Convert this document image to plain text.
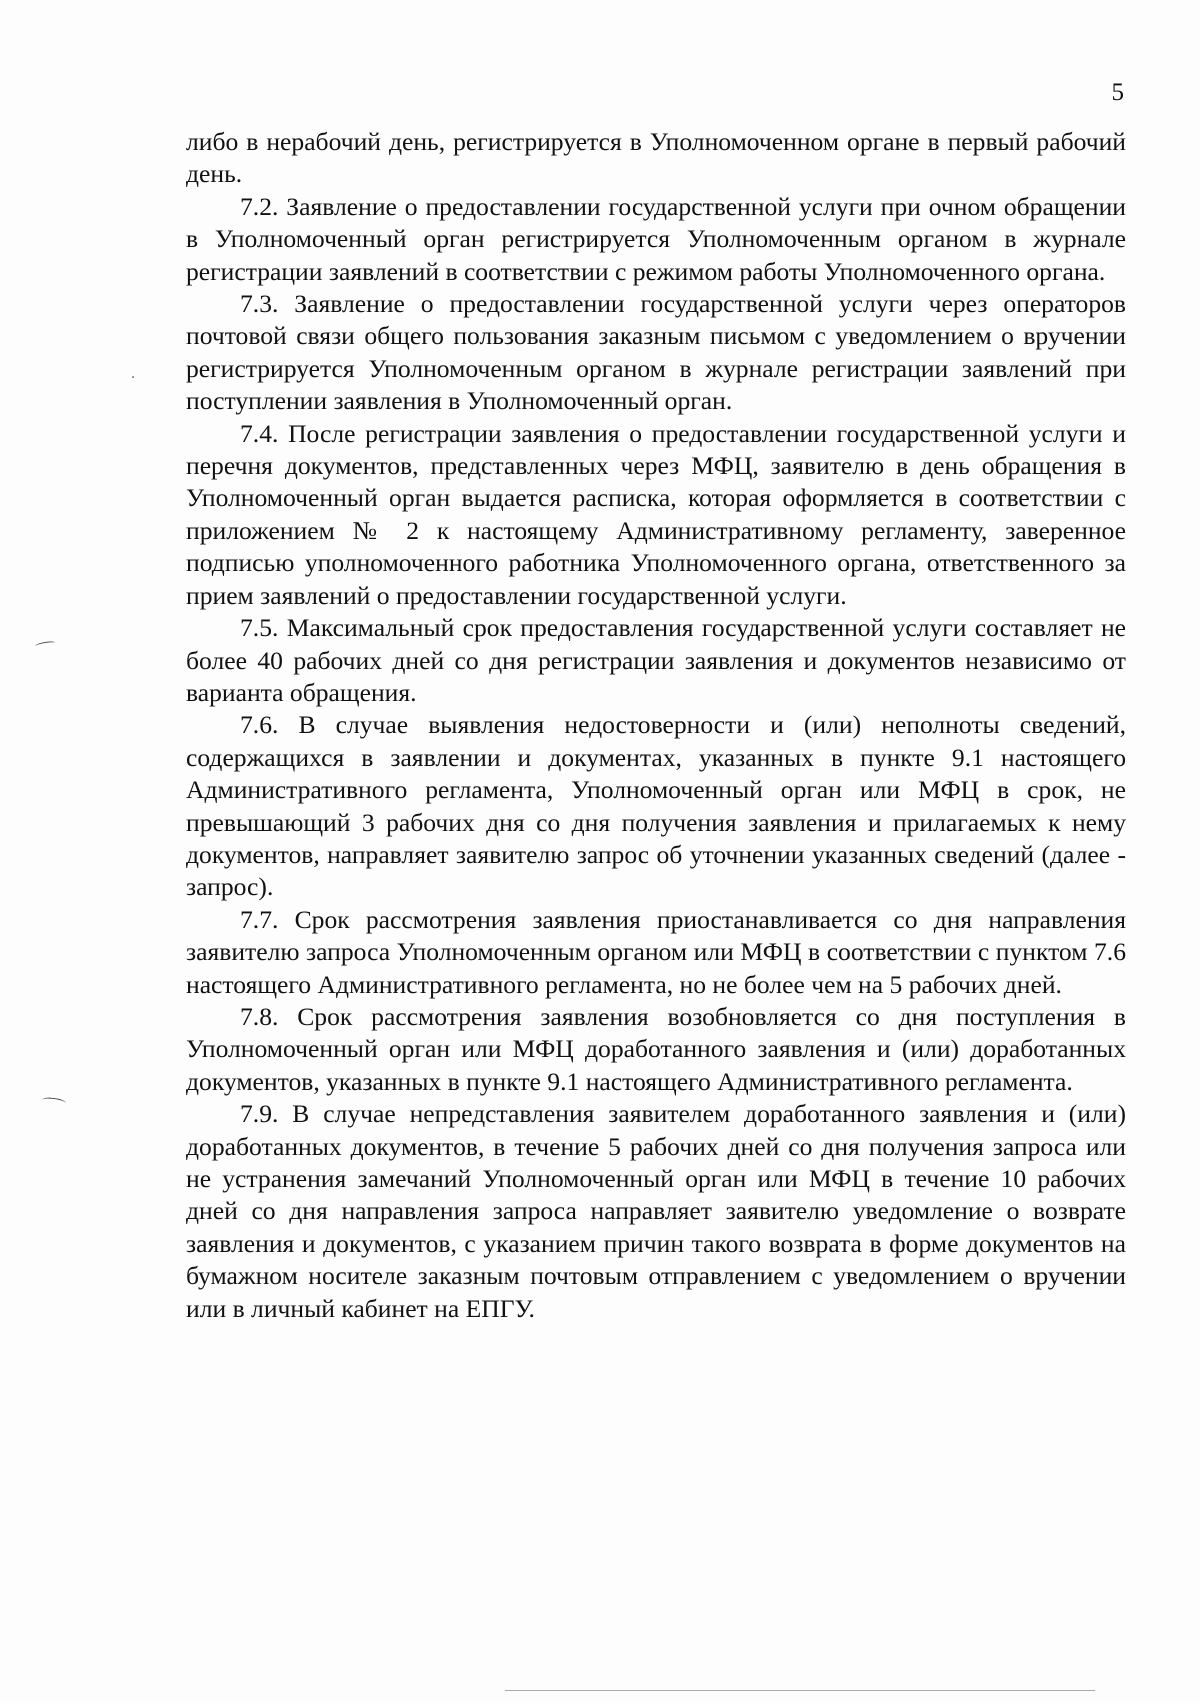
5

либо в нерабочий день, регистрируется в Уполномоченном органе в первый рабочий день.

7.2. Заявление о предоставлении государственной услуги при очном обращении в Уполномоченный орган регистрируется Уполномоченным органом в журнале регистрации заявлений в соответствии с режимом работы Уполномоченного органа.

7.3. Заявление о предоставлении государственной услуги через операторов почтовой связи общего пользования заказным письмом с уведомлением о вручении регистрируется Уполномоченным органом в журнале регистрации заявлений при поступлении заявления в Уполномоченный орган.

7.4. После регистрации заявления о предоставлении государственной услуги и перечня документов, представленных через МФЦ, заявителю в день обращения в Уполномоченный орган выдается расписка, которая оформляется в соответствии с приложением № 2 к настоящему Административному регламенту, заверенное подписью уполномоченного работника Уполномоченного органа, ответственного за прием заявлений о предоставлении государственной услуги.

7.5. Максимальный срок предоставления государственной услуги составляет не более 40 рабочих дней со дня регистрации заявления и документов независимо от варианта обращения.

7.6. В случае выявления недостоверности и (или) неполноты сведений, содержащихся в заявлении и документах, указанных в пункте 9.1 настоящего Административного регламента, Уполномоченный орган или МФЦ в срок, не превышающий 3 рабочих дня со дня получения заявления и прилагаемых к нему документов, направляет заявителю запрос об уточнении указанных сведений (далее - запрос).

7.7. Срок рассмотрения заявления приостанавливается со дня направления заявителю запроса Уполномоченным органом или МФЦ в соответствии с пунктом 7.6 настоящего Административного регламента, но не более чем на 5 рабочих дней.

7.8. Срок рассмотрения заявления возобновляется со дня поступления в Уполномоченный орган или МФЦ доработанного заявления и (или) доработанных документов, указанных в пункте 9.1 настоящего Административного регламента.

7.9. В случае непредставления заявителем доработанного заявления и (или) доработанных документов, в течение 5 рабочих дней со дня получения запроса или не устранения замечаний Уполномоченный орган или МФЦ в течение 10 рабочих дней со дня направления запроса направляет заявителю уведомление о возврате заявления и документов, с указанием причин такого возврата в форме документов на бумажном носителе заказным почтовым отправлением с уведомлением о вручении или в личный кабинет на ЕПГУ.
